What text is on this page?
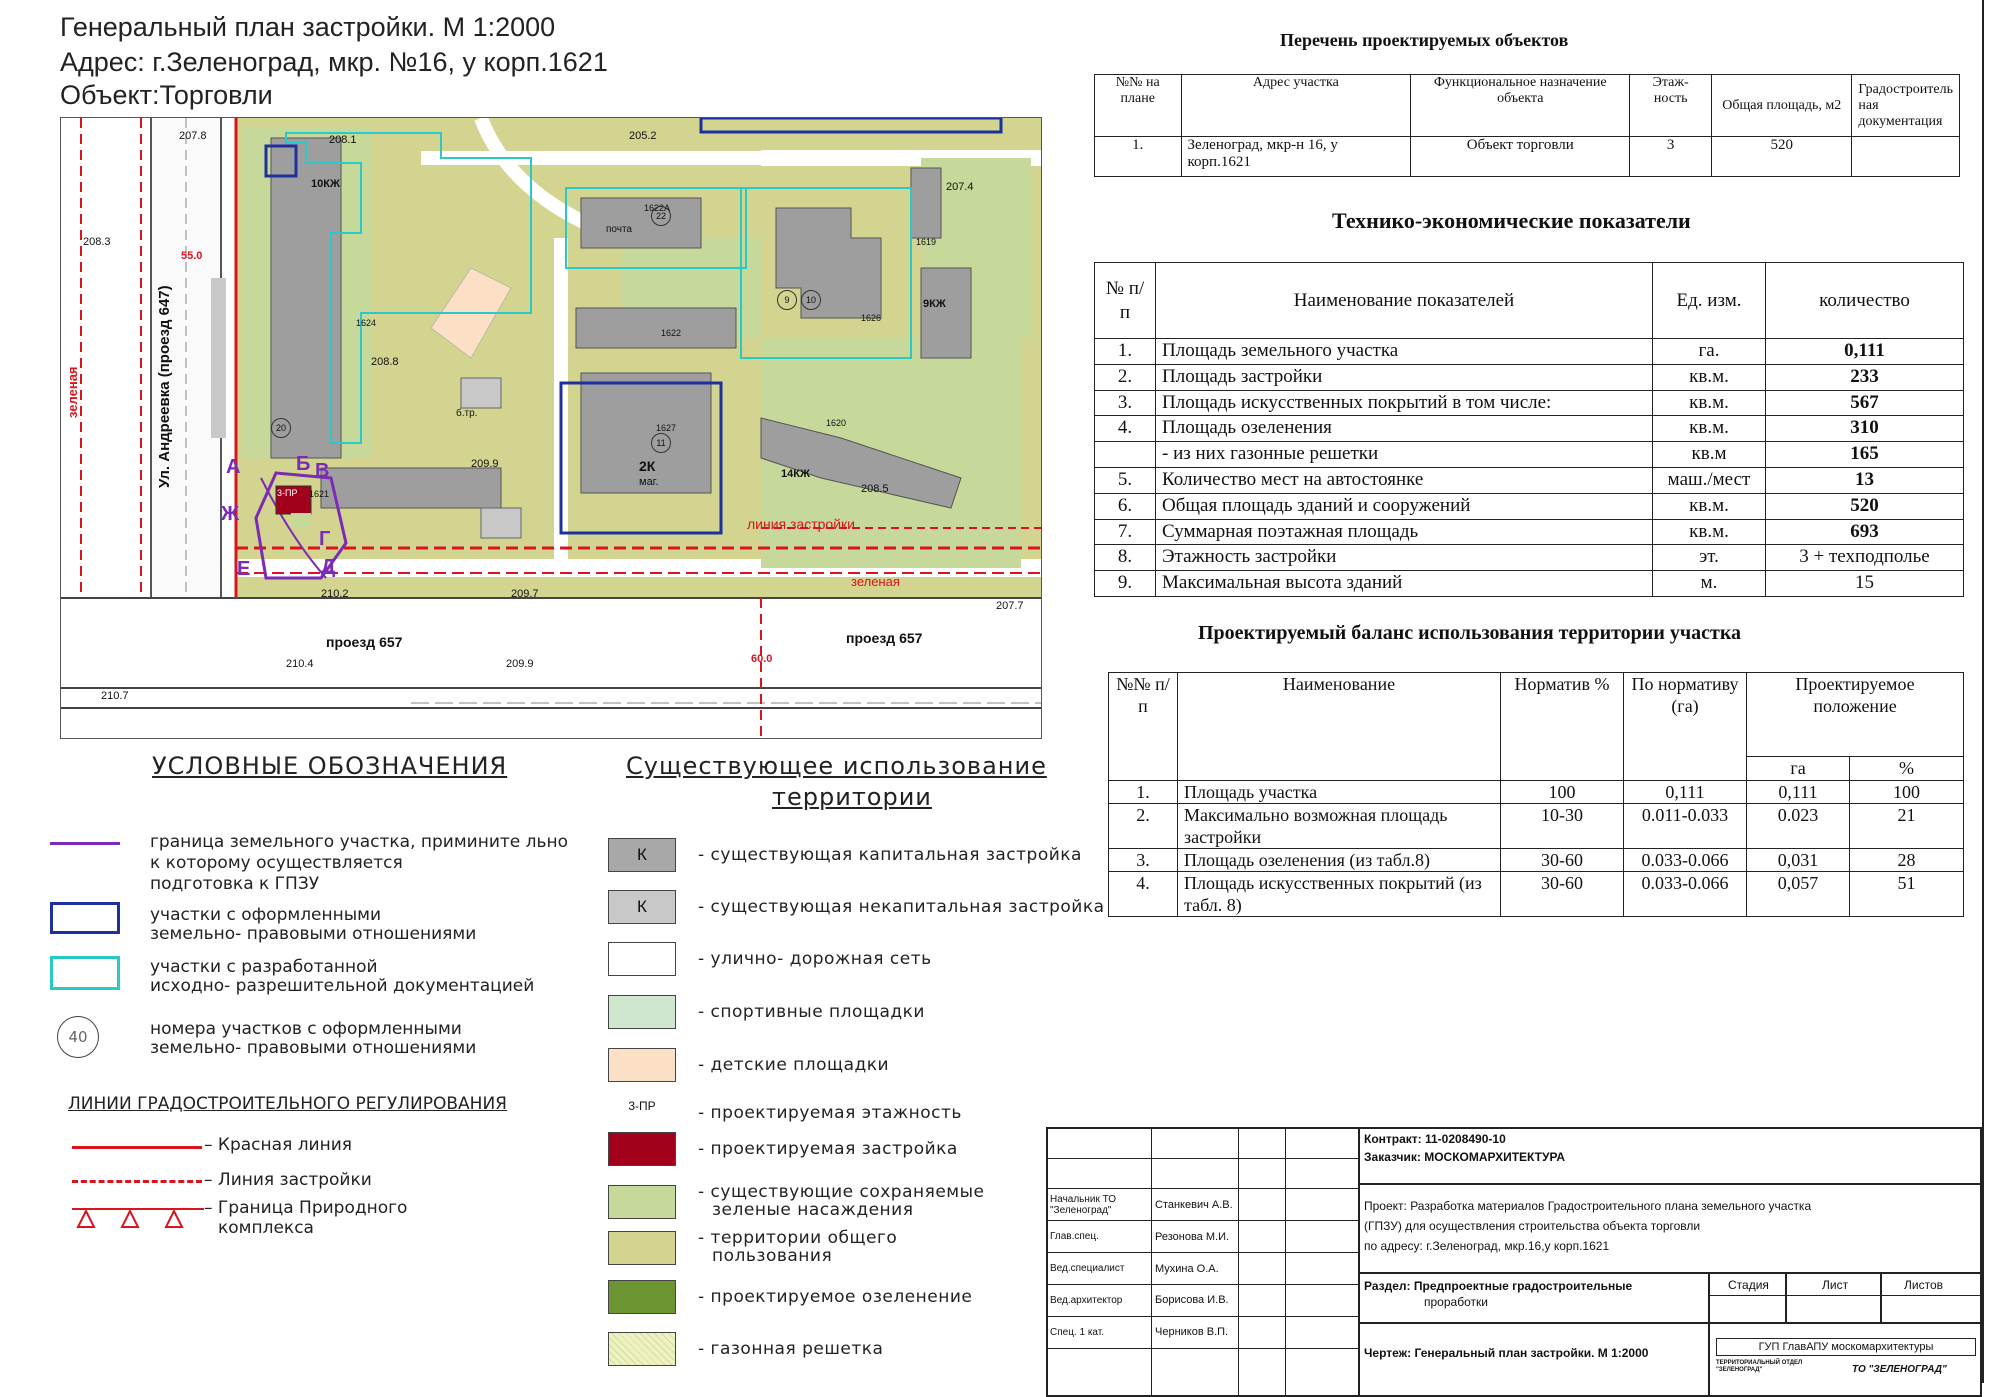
Генеральный план застройки. М 1:2000
Адрес: г.Зеленоград, мкр. №16, у корп.1621
Объект:Торговли
Ул. Андреевка (проезд 647)
проезд 657	проезд 657
линия застройки
зеленая
зеленая
3-ПР
А	Б В
Г
Д
Е
Ж
1621
1624
1622
1627
1626
1619
1620
1622A
10КЖ
14КЖ
9КЖ
2К
маг.
почта
б.тр.
207.8	208.1	205.2
208.3
208.8
209.9
210.2
210.4	209.9
210.7
207.7
209.7
208.5
207.4
55.0
60.0
22
9	10
11
20
Перечень проектируемых объектов
№№ на плане	Адрес участка	Функциональное назначение объекта	Этаж-ность	Общая площадь, м2	Градостроитель ная документация
1.	Зеленоград, мкр-н 16, у корп.1621	Объект торговли	3	520	
Технико-экономические показатели
№ п/п	Наименование показателей	Ед. изм.	количество
1.	Площадь земельного участка	га.	0,111
2.	Площадь застройки	кв.м.	233
3.	Площадь искусственных покрытий в том числе:	кв.м.	567
4.	Площадь озеленения	кв.м.	310
	- из них газонные решетки	кв.м	165
5.	Количество мест на автостоянке	маш./мест	13
6.	Общая площадь зданий и сооружений	кв.м.	520
7.	Суммарная поэтажная площадь	кв.м.	693
8.	Этажность застройки	эт.	3 + техподполье
9.	Максимальная высота зданий	м.	15
Проектируемый баланс использования территории участка
№№ п/п	Наименование	Норматив %	По нормативу (га)	Проектируемое положение	
				га	%
1.	Площадь участка	100	0,111	0,111	100
2.	Максимально возможная площадь застройки	10-30	0.011-0.033	0.023	21
3.	Площадь озеленения (из табл.8)	30-60	0.033-0.066	0,031	28
4.	Площадь искусственных покрытий (из табл. 8)	30-60	0.033-0.066	0,057	51
УСЛОВНЫЕ ОБОЗНАЧЕНИЯ
граница земельного участка, примините льно
к которому осуществляется
подготовка к ГПЗУ
участки с оформленными
земельно- правовыми отношениями
участки с разработанной
исходно- разрешительной документацией
40	номера участков с оформленными
земельно- правовыми отношениями
ЛИНИИ ГРАДОСТРОИТЕЛЬНОГО РЕГУЛИРОВАНИЯ
– Красная линия
– Линия застройки
– Граница Природного
комплекса
Существующее использование
территории
К	- существующая капитальная застройка
К	- существующая некапитальная застройка
- улично- дорожная сеть
- спортивные площадки
- детские площадки
3-ПР	- проектируемая этажность
- проектируемая застройка
- существующие сохраняемые
зеленые насаждения
- территории общего
пользования
- проектируемое озеленение
- газонная решетка

Начальник ТО "Зеленоград"	Станкевич А.В.		
Глав.спец.	Резонова М.И.		
Вед.специалист	Мухина О.А.		
Вед.архитектор	Борисова И.В.		
Спец. 1 кат.	Черников В.П.		

Контракт: 11-0208490-10
Заказчик: МОСКОМАРХИТЕКТУРА
Проект: Разработка материалов Градостроительного плана земельного участка
(ГПЗУ) для осуществления строительства объекта торговли
по адресу: г.Зеленоград, мкр.16,у корп.1621
Раздел: Предпроектные градостроительные
проработки
Чертеж: Генеральный план застройки. М 1:2000
Стадия	Лист	Листов
ГУП ГлавАПУ москомархитектуры
ТЕРРИТОРИАЛЬНЫЙ ОТДЕЛ "ЗЕЛЕНОГРАД"	ТО "ЗЕЛЕНОГРАД"
